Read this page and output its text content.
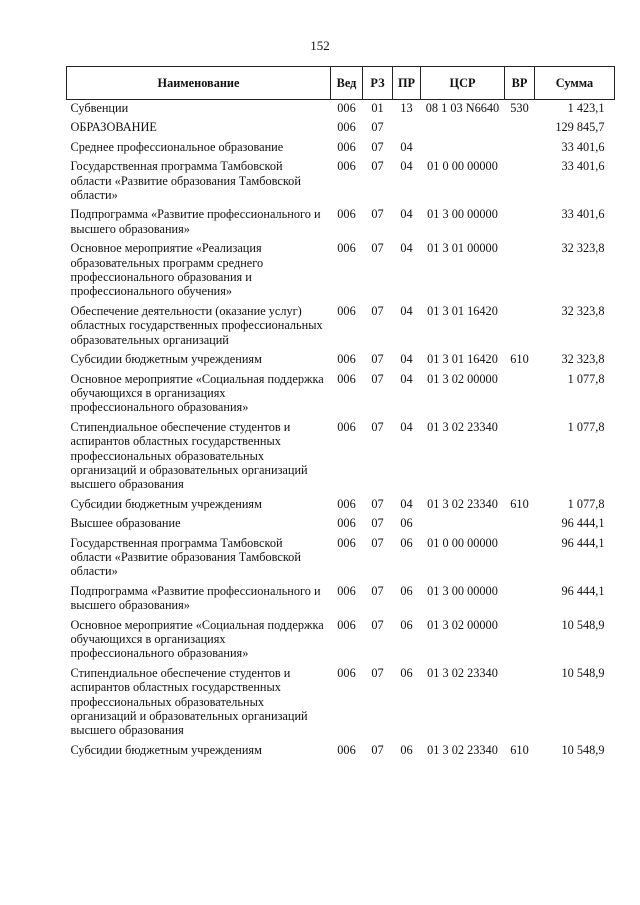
152
Наименование	Вед	РЗ	ПР	ЦСР	ВР	Сумма
Субвенции	006	01	13	08 1 03 N6640	530	1 423,1
ОБРАЗОВАНИЕ	006	07				129 845,7
Среднее профессиональное образование	006	07	04			33 401,6
Государственная программа Тамбовской области «Развитие образования Тамбовской области»	006	07	04	01 0 00 00000		33 401,6
Подпрограмма «Развитие профессионального и высшего образования»	006	07	04	01 3 00 00000		33 401,6
Основное мероприятие «Реализация образовательных программ среднего профессионального образования и профессионального обучения»	006	07	04	01 3 01 00000		32 323,8
Обеспечение деятельности (оказание услуг) областных государственных профессиональных образовательных организаций	006	07	04	01 3 01 16420		32 323,8
Субсидии бюджетным учреждениям	006	07	04	01 3 01 16420	610	32 323,8
Основное мероприятие «Социальная поддержка обучающихся в организациях профессионального образования»	006	07	04	01 3 02 00000		1 077,8
Стипендиальное обеспечение студентов и аспирантов областных государственных профессиональных образовательных организаций и образовательных организаций высшего образования	006	07	04	01 3 02 23340		1 077,8
Субсидии бюджетным учреждениям	006	07	04	01 3 02 23340	610	1 077,8
Высшее образование	006	07	06			96 444,1
Государственная программа Тамбовской области «Развитие образования Тамбовской области»	006	07	06	01 0 00 00000		96 444,1
Подпрограмма «Развитие профессионального и высшего образования»	006	07	06	01 3 00 00000		96 444,1
Основное мероприятие «Социальная поддержка обучающихся в организациях профессионального образования»	006	07	06	01 3 02 00000		10 548,9
Стипендиальное обеспечение студентов и аспирантов областных государственных профессиональных образовательных организаций и образовательных организаций высшего образования	006	07	06	01 3 02 23340		10 548,9
Субсидии бюджетным учреждениям	006	07	06	01 3 02 23340	610	10 548,9
